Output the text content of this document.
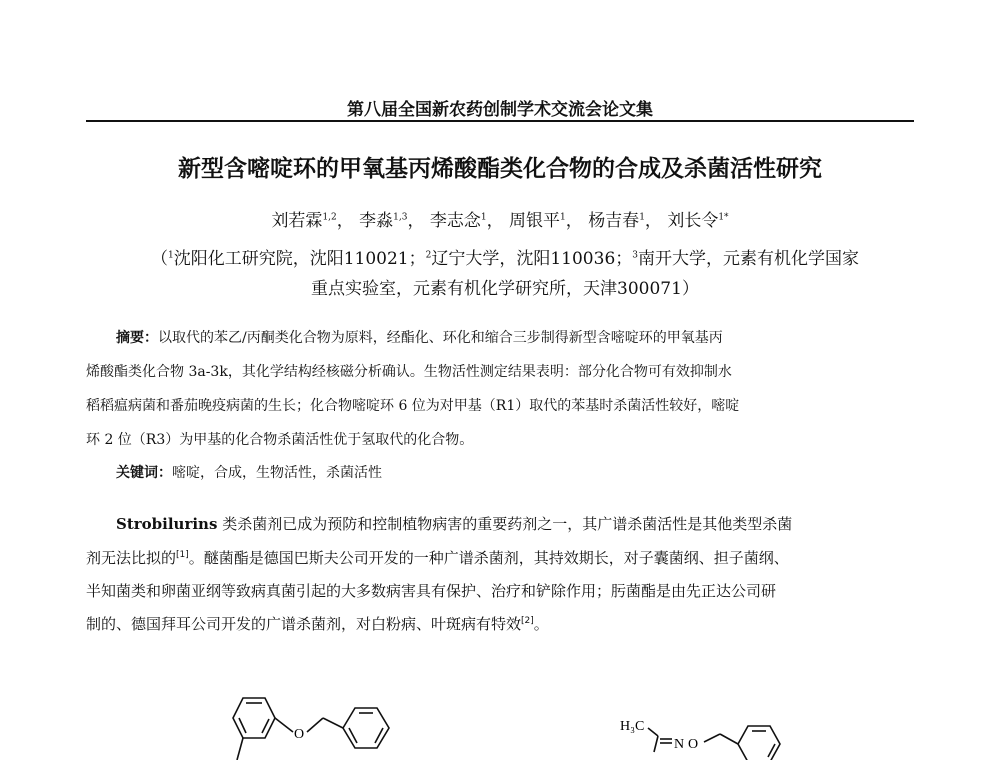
第八届全国新农药创制学术交流会论文集
新型含嘧啶环的甲氧基丙烯酸酯类化合物的合成及杀菌活性研究
刘若霖$^{1,2}$， 李淼$^{1,3}$， 李志念$^1$， 周银平$^1$， 杨吉春$^1$， 刘长令$^{1*}$
（$^1$沈阳化工研究院，沈阳110021；$^2$辽宁大学，沈阳110036；$^3$南开大学，元素有机化学国家
重点实验室，元素有机化学研究所，天津300071）
摘要：以取代的苯乙/丙酮类化合物为原料，经酯化、环化和缩合三步制得新型含嘧啶环的甲氧基丙
烯酸酯类化合物 3a-3k，其化学结构经核磁分析确认。生物活性测定结果表明：部分化合物可有效抑制水
稻稻瘟病菌和番茄晚疫病菌的生长；化合物嘧啶环 6 位为对甲基（R1）取代的苯基时杀菌活性较好，嘧啶
环 2 位（R3）为甲基的化合物杀菌活性优于氢取代的化合物。
关键词：嘧啶，合成，生物活性，杀菌活性
Strobilurins 类杀菌剂已成为预防和控制植物病害的重要药剂之一，其广谱杀菌活性是其他类型杀菌
剂无法比拟的[1]。醚菌酯是德国巴斯夫公司开发的一种广谱杀菌剂，其持效期长，对子囊菌纲、担子菌纲、
半知菌类和卵菌亚纲等致病真菌引起的大多数病害具有保护、治疗和铲除作用；肟菌酯是由先正达公司研
制的、德国拜耳公司开发的广谱杀菌剂，对白粉病、叶斑病有特效[2]。
O
H₃C
N O
